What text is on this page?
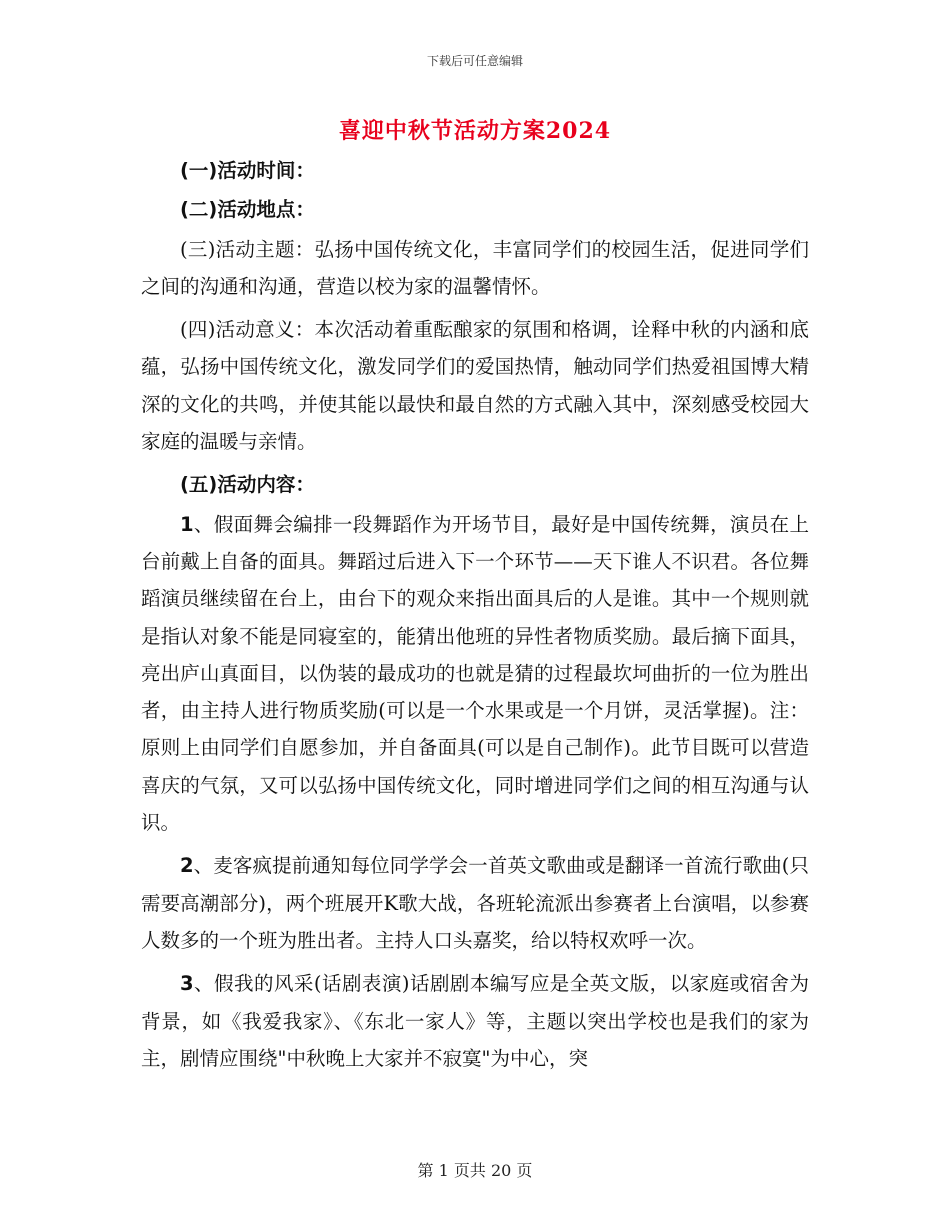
下载后可任意编辑
喜迎中秋节活动方案2024

(一)活动时间：

(二)活动地点：

(三)活动主题：弘扬中国传统文化，丰富同学们的校园生活，促进同学们之间的沟通和沟通，营造以校为家的温馨情怀。

(四)活动意义：本次活动着重酝酿家的氛围和格调，诠释中秋的内涵和底蕴，弘扬中国传统文化，激发同学们的爱国热情，触动同学们热爱祖国博大精深的文化的共鸣，并使其能以最快和最自然的方式融入其中，深刻感受校园大家庭的温暖与亲情。

(五)活动内容：

1、假面舞会编排一段舞蹈作为开场节目，最好是中国传统舞，演员在上台前戴上自备的面具。舞蹈过后进入下一个环节——天下谁人不识君。各位舞蹈演员继续留在台上，由台下的观众来指出面具后的人是谁。其中一个规则就是指认对象不能是同寝室的，能猜出他班的异性者物质奖励。最后摘下面具，亮出庐山真面目，以伪装的最成功的也就是猜的过程最坎坷曲折的一位为胜出者，由主持人进行物质奖励(可以是一个水果或是一个月饼，灵活掌握)。注：原则上由同学们自愿参加，并自备面具(可以是自己制作)。此节目既可以营造喜庆的气氛，又可以弘扬中国传统文化，同时增进同学们之间的相互沟通与认识。

2、麦客疯提前通知每位同学学会一首英文歌曲或是翻译一首流行歌曲(只需要高潮部分)，两个班展开K歌大战，各班轮流派出参赛者上台演唱，以参赛人数多的一个班为胜出者。主持人口头嘉奖，给以特权欢呼一次。

3、假我的风采(话剧表演)话剧剧本编写应是全英文版，以家庭或宿舍为背景，如《我爱我家》、《东北一家人》等，主题以突出学校也是我们的家为主，剧情应围绕"中秋晚上大家并不寂寞"为中心，突

第 1 页共 20 页
